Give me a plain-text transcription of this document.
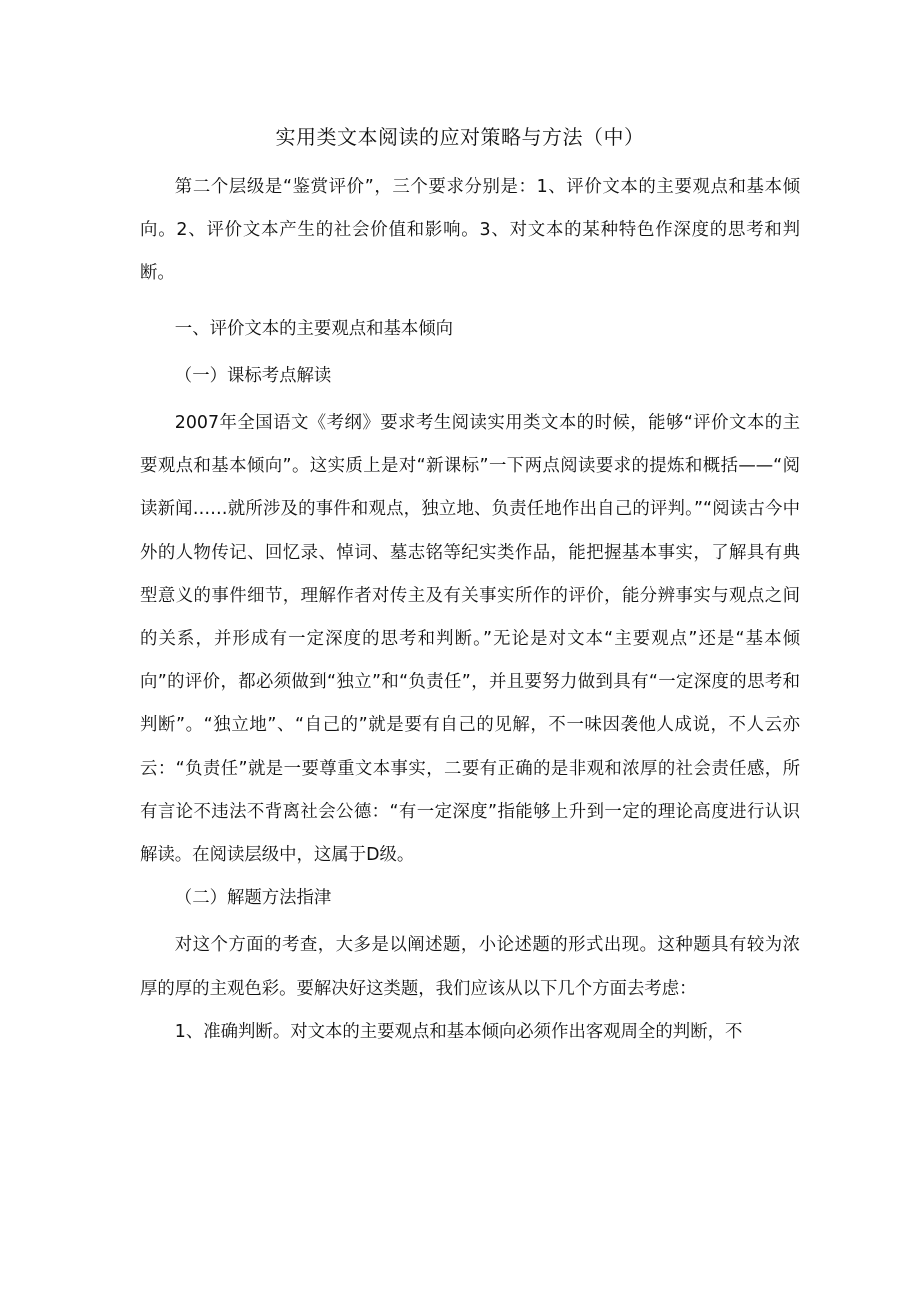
实用类文本阅读的应对策略与方法（中）

第二个层级是“鉴赏评价”，三个要求分别是：1、评价文本的主要观点和基本倾向。2、评价文本产生的社会价值和影响。3、对文本的某种特色作深度的思考和判断。

一、评价文本的主要观点和基本倾向

（一）课标考点解读

2007年全国语文《考纲》要求考生阅读实用类文本的时候，能够“评价文本的主要观点和基本倾向”。这实质上是对“新课标”一下两点阅读要求的提炼和概括——“阅读新闻……就所涉及的事件和观点，独立地、负责任地作出自己的评判。”“阅读古今中外的人物传记、回忆录、悼词、墓志铭等纪实类作品，能把握基本事实，了解具有典型意义的事件细节，理解作者对传主及有关事实所作的评价，能分辨事实与观点之间的关系，并形成有一定深度的思考和判断。”无论是对文本“主要观点”还是“基本倾向”的评价，都必须做到“独立”和“负责任”，并且要努力做到具有“一定深度的思考和判断”。“独立地”、“自己的”就是要有自己的见解，不一味因袭他人成说，不人云亦云：“负责任”就是一要尊重文本事实，二要有正确的是非观和浓厚的社会责任感，所有言论不违法不背离社会公德：“有一定深度”指能够上升到一定的理论高度进行认识解读。在阅读层级中，这属于D级。

（二）解题方法指津

对这个方面的考查，大多是以阐述题，小论述题的形式出现。这种题具有较为浓厚的厚的主观色彩。要解决好这类题，我们应该从以下几个方面去考虑：

1、准确判断。对文本的主要观点和基本倾向必须作出客观周全的判断，不
